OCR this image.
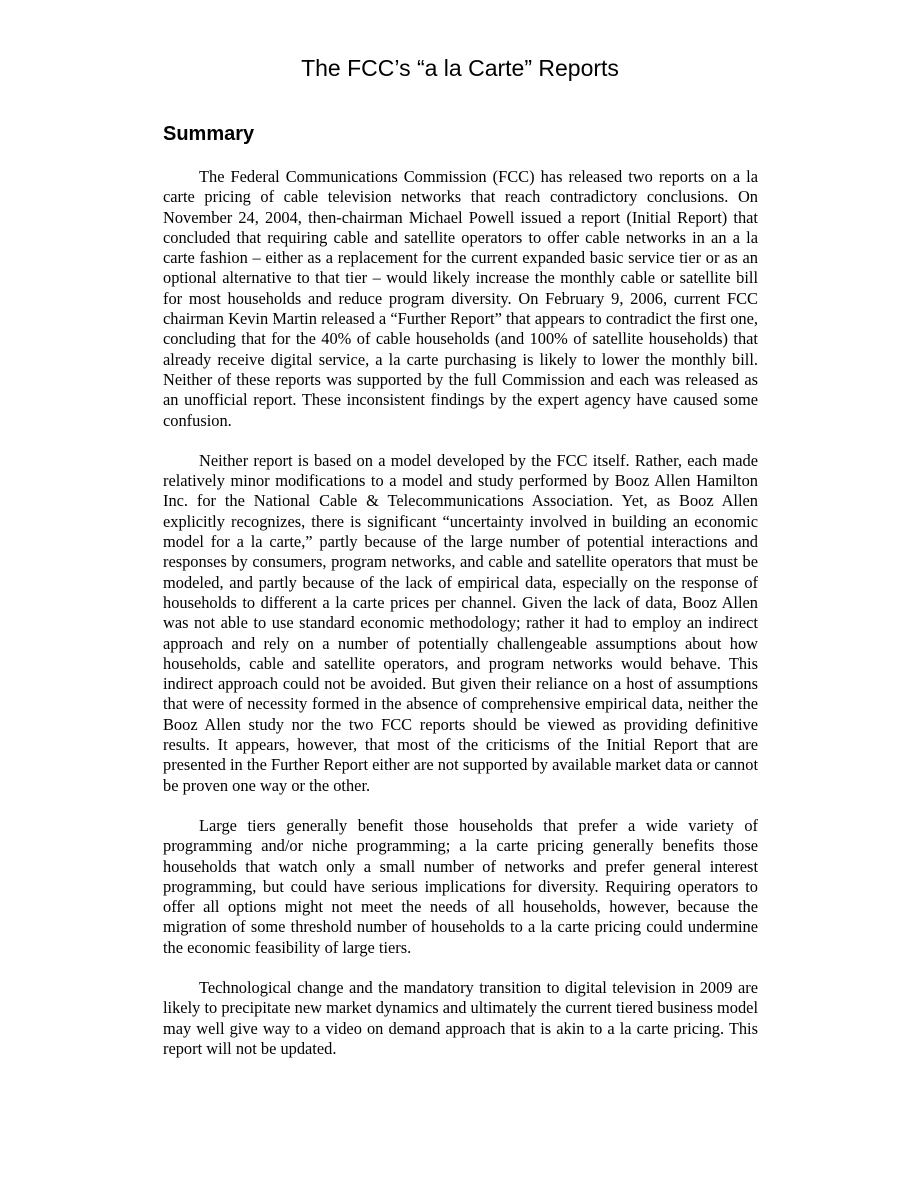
The FCC’s “a la Carte” Reports
Summary

The Federal Communications Commission (FCC) has released two reports on a la carte pricing of cable television networks that reach contradictory conclusions. On November 24, 2004, then-chairman Michael Powell issued a report (Initial Report) that concluded that requiring cable and satellite operators to offer cable networks in an a la carte fashion – either as a replacement for the current expanded basic service tier or as an optional alternative to that tier – would likely increase the monthly cable or satellite bill for most households and reduce program diversity. On February 9, 2006, current FCC chairman Kevin Martin released a “Further Report” that appears to contradict the first one, concluding that for the 40% of cable households (and 100% of satellite households) that already receive digital service, a la carte purchasing is likely to lower the monthly bill. Neither of these reports was supported by the full Commission and each was released as an unofficial report. These inconsistent findings by the expert agency have caused some confusion.

Neither report is based on a model developed by the FCC itself. Rather, each made relatively minor modifications to a model and study performed by Booz Allen Hamilton Inc. for the National Cable & Telecommunications Association. Yet, as Booz Allen explicitly recognizes, there is significant “uncertainty involved in building an economic model for a la carte,” partly because of the large number of potential interactions and responses by consumers, program networks, and cable and satellite operators that must be modeled, and partly because of the lack of empirical data, especially on the response of households to different a la carte prices per channel. Given the lack of data, Booz Allen was not able to use standard economic methodology; rather it had to employ an indirect approach and rely on a number of potentially challengeable assumptions about how households, cable and satellite operators, and program networks would behave. This indirect approach could not be avoided. But given their reliance on a host of assumptions that were of necessity formed in the absence of comprehensive empirical data, neither the Booz Allen study nor the two FCC reports should be viewed as providing definitive results. It appears, however, that most of the criticisms of the Initial Report that are presented in the Further Report either are not supported by available market data or cannot be proven one way or the other.

Large tiers generally benefit those households that prefer a wide variety of programming and/or niche programming; a la carte pricing generally benefits those households that watch only a small number of networks and prefer general interest programming, but could have serious implications for diversity. Requiring operators to offer all options might not meet the needs of all households, however, because the migration of some threshold number of households to a la carte pricing could undermine the economic feasibility of large tiers.

Technological change and the mandatory transition to digital television in 2009 are likely to precipitate new market dynamics and ultimately the current tiered business model may well give way to a video on demand approach that is akin to a la carte pricing. This report will not be updated.
